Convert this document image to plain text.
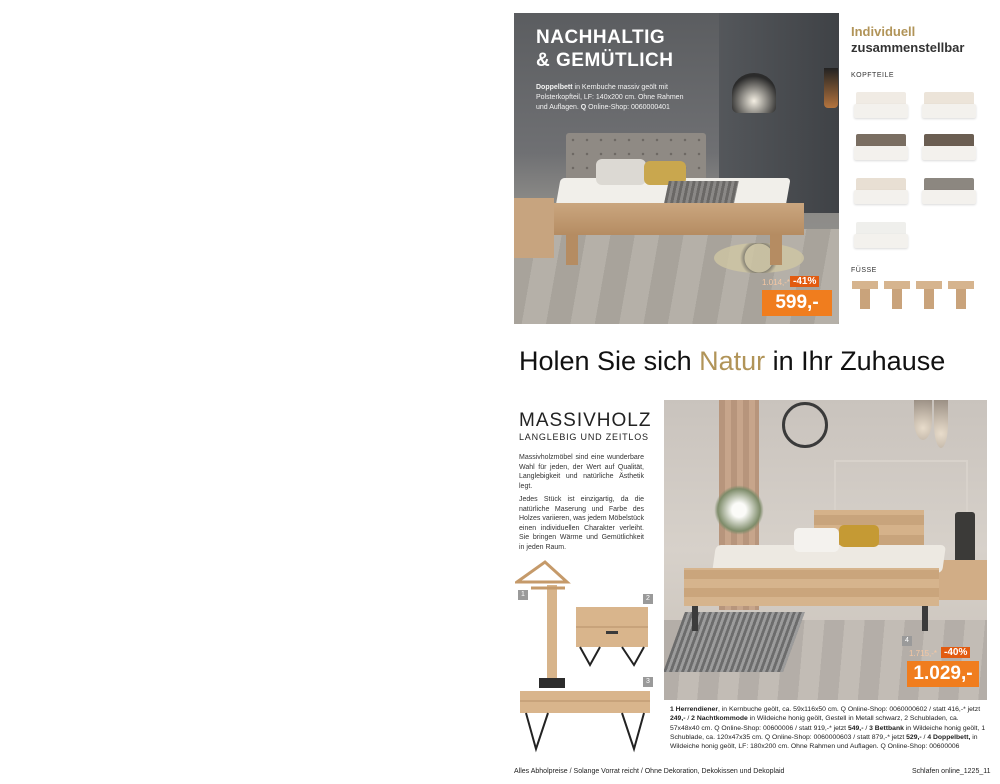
NACHHALTIG
& GEMÜTLICH
Doppelbett in Kernbuche massiv geölt mit Polsterkopfteil, LF: 140x200 cm. Ohne Rahmen und Auflagen. Q Online-Shop: 0060000401
1.014,-* -41%
599,-
Individuell
zusammenstellbar
KOPFTEILE
FÜSSE
Holen Sie sich Natur in Ihr Zuhause
MASSIVHOLZ
LANGLEBIG UND ZEITLOS
Massivholzmöbel sind eine wunderbare Wahl für jeden, der Wert auf Qualität, Langlebigkeit und natürliche Ästhetik legt.
Jedes Stück ist einzigartig, da die natürliche Maserung und Farbe des Holzes variieren, was jedem Möbelstück einen individuellen Charakter verleiht. Sie bringen Wärme und Gemütlichkeit in jeden Raum.
1
2
3
4
1.715,-* -40%
1.029,-
1 Herrendiener, in Kernbuche geölt, ca. 59x116x50 cm. Q Online-Shop: 0060000602 / statt 416,-* jetzt 249,- / 2 Nachtkommode in Wildeiche honig geölt, Gestell in Metall schwarz, 2 Schubladen, ca. 57x48x40 cm. Q Online-Shop: 00600006 / statt 919,-* jetzt 549,- / 3 Bettbank in Wildeiche honig geölt, 1 Schublade, ca. 120x47x35 cm. Q Online-Shop: 0060000603 / statt 879,-* jetzt 529,- / 4 Doppelbett, in Wildeiche honig geölt, LF: 180x200 cm. Ohne Rahmen und Auflagen. Q Online-Shop: 00600006
Alles Abholpreise / Solange Vorrat reicht / Ohne Dekoration, Dekokissen und Dekoplaid	Schlafen online_1225_11
